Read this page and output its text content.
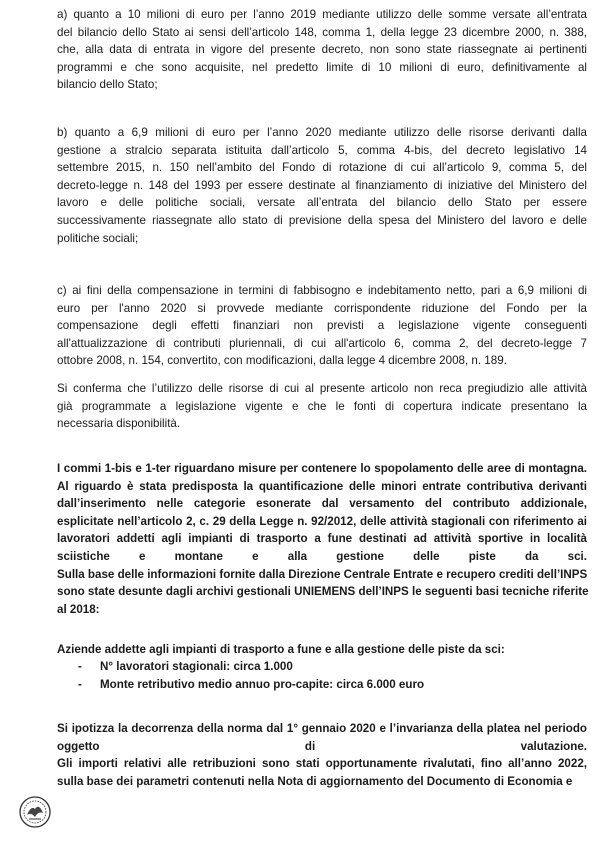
a) quanto a 10 milioni di euro per l’anno 2019 mediante utilizzo delle somme versate all’entrata
del bilancio dello Stato ai sensi dell’articolo 148, comma 1, della legge 23 dicembre 2000, n. 388,
che, alla data di entrata in vigore del presente decreto, non sono state riassegnate ai pertinenti
programmi e che sono acquisite, nel predetto limite di 10 milioni di euro, definitivamente al
bilancio dello Stato;
b) quanto a 6,9 milioni di euro per l’anno 2020 mediante utilizzo delle risorse derivanti dalla
gestione a stralcio separata istituita dall’articolo 5, comma 4-bis, del decreto legislativo 14
settembre 2015, n. 150 nell’ambito del Fondo di rotazione di cui all’articolo 9, comma 5, del
decreto-legge n. 148 del 1993 per essere destinate al finanziamento di iniziative del Ministero del
lavoro e delle politiche sociali, versate all’entrata del bilancio dello Stato per essere
successivamente riassegnate allo stato di previsione della spesa del Ministero del lavoro e delle
politiche sociali;
c) ai fini della compensazione in termini di fabbisogno e indebitamento netto, pari a 6,9 milioni di
euro per l'anno 2020 si provvede mediante corrispondente riduzione del Fondo per la
compensazione degli effetti finanziari non previsti a legislazione vigente conseguenti
all'attualizzazione di contributi pluriennali, di cui all'articolo 6, comma 2, del decreto-legge 7
ottobre 2008, n. 154, convertito, con modificazioni, dalla legge 4 dicembre 2008, n. 189.
Si conferma che l’utilizzo delle risorse di cui al presente articolo non reca pregiudizio alle attività
già programmate a legislazione vigente e che le fonti di copertura indicate presentano la
necessaria disponibilità.
I commi 1-bis e 1-ter riguardano misure per contenere lo spopolamento delle aree di montagna.
Al riguardo è stata predisposta la quantificazione delle minori entrate contributiva derivanti
dall’inserimento nelle categorie esonerate dal versamento del contributo addizionale,
esplicitate nell’articolo 2, c. 29 della Legge n. 92/2012, delle attività stagionali con riferimento ai
lavoratori addetti agli impianti di trasporto a fune destinati ad attività sportive in località
sciistiche e montane e alla gestione delle piste da sci.
Sulla base delle informazioni fornite dalla Direzione Centrale Entrate e recupero crediti dell’INPS
sono state desunte dagli archivi gestionali UNIEMENS dell’INPS le seguenti basi tecniche riferite
al 2018:
Aziende addette agli impianti di trasporto a fune e alla gestione delle piste da sci:
- N° lavoratori stagionali: circa 1.000
- Monte retributivo medio annuo pro-capite: circa 6.000 euro
Si ipotizza la decorrenza della norma dal 1° gennaio 2020 e l’invarianza della platea nel periodo
oggetto di valutazione.
Gli importi relativi alle retribuzioni sono stati opportunamente rivalutati, fino all’anno 2022,
sulla base dei parametri contenuti nella Nota di aggiornamento del Documento di Economia e
